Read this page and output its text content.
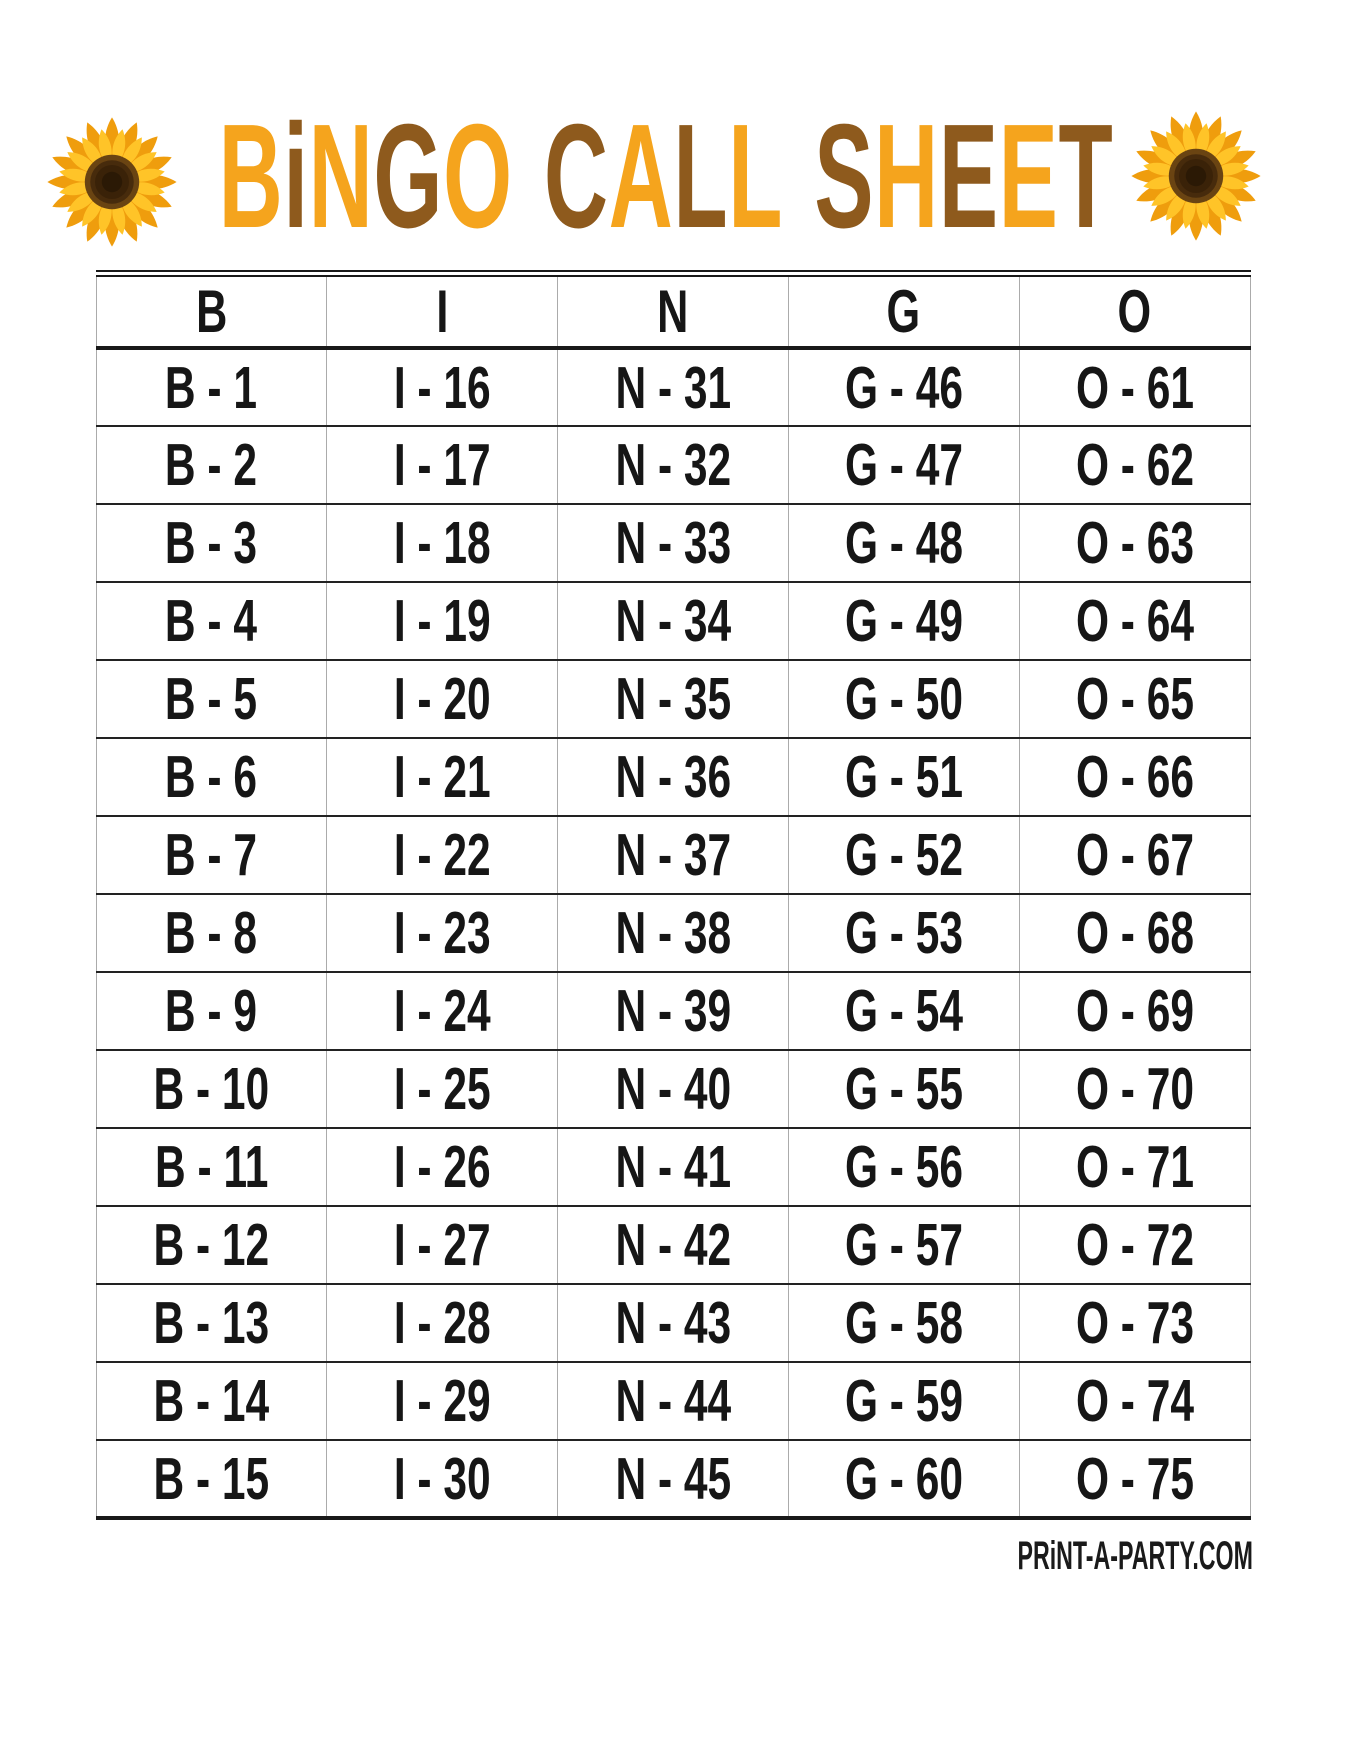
BiNGO CALL SHEET
B	I	N	G	O
B - 1	I - 16	N - 31	G - 46	O - 61
B - 2	I - 17	N - 32	G - 47	O - 62
B - 3	I - 18	N - 33	G - 48	O - 63
B - 4	I - 19	N - 34	G - 49	O - 64
B - 5	I - 20	N - 35	G - 50	O - 65
B - 6	I - 21	N - 36	G - 51	O - 66
B - 7	I - 22	N - 37	G - 52	O - 67
B - 8	I - 23	N - 38	G - 53	O - 68
B - 9	I - 24	N - 39	G - 54	O - 69
B - 10	I - 25	N - 40	G - 55	O - 70
B - 11	I - 26	N - 41	G - 56	O - 71
B - 12	I - 27	N - 42	G - 57	O - 72
B - 13	I - 28	N - 43	G - 58	O - 73
B - 14	I - 29	N - 44	G - 59	O - 74
B - 15	I - 30	N - 45	G - 60	O - 75
PRiNT-A-PARTY.COM
